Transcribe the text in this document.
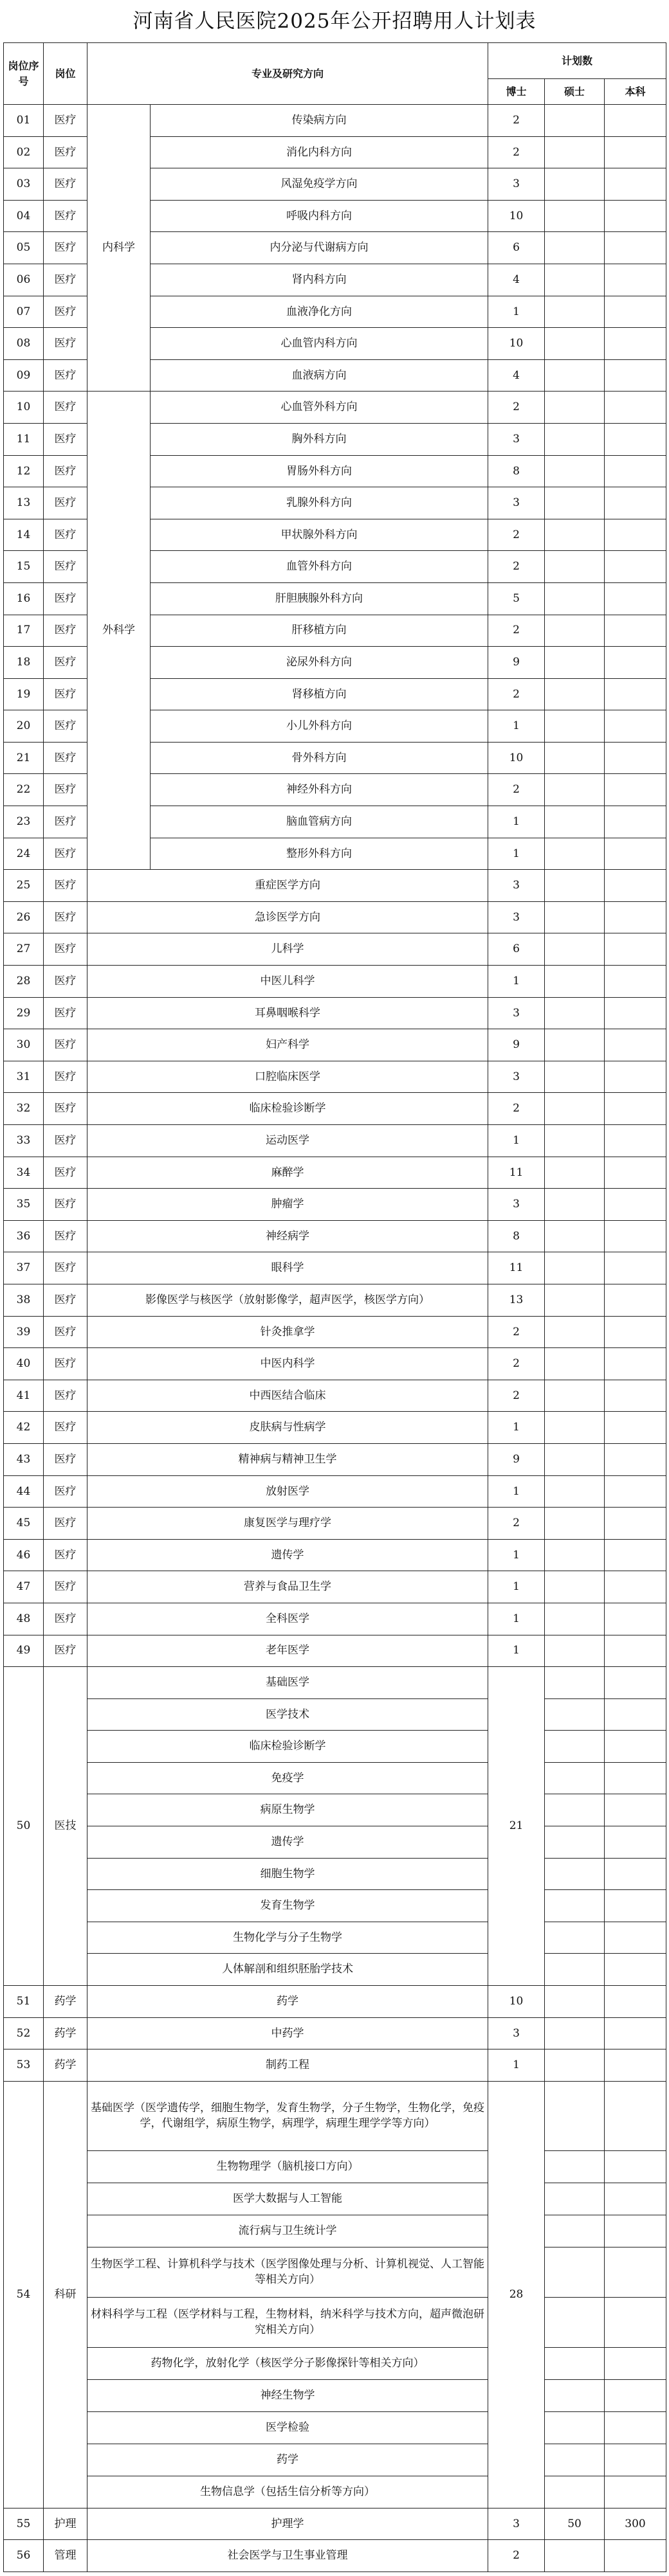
河南省人民医院2025年公开招聘用人计划表
岗位序号	岗位	专业及研究方向		计划数		
				博士	硕士	本科
01	医疗	内科学	传染病方向	2		
02	医疗		消化内科方向	2		
03	医疗		风湿免疫学方向	3		
04	医疗		呼吸内科方向	10		
05	医疗		内分泌与代谢病方向	6		
06	医疗		肾内科方向	4		
07	医疗		血液净化方向	1		
08	医疗		心血管内科方向	10		
09	医疗		血液病方向	4		
10	医疗	外科学	心血管外科方向	2		
11	医疗		胸外科方向	3		
12	医疗		胃肠外科方向	8		
13	医疗		乳腺外科方向	3		
14	医疗		甲状腺外科方向	2		
15	医疗		血管外科方向	2		
16	医疗		肝胆胰腺外科方向	5		
17	医疗		肝移植方向	2		
18	医疗		泌尿外科方向	9		
19	医疗		肾移植方向	2		
20	医疗		小儿外科方向	1		
21	医疗		骨外科方向	10		
22	医疗		神经外科方向	2		
23	医疗		脑血管病方向	1		
24	医疗		整形外科方向	1		
25	医疗	重症医学方向		3		
26	医疗	急诊医学方向		3		
27	医疗	儿科学		6		
28	医疗	中医儿科学		1		
29	医疗	耳鼻咽喉科学		3		
30	医疗	妇产科学		9		
31	医疗	口腔临床医学		3		
32	医疗	临床检验诊断学		2		
33	医疗	运动医学		1		
34	医疗	麻醉学		11		
35	医疗	肿瘤学		3		
36	医疗	神经病学		8		
37	医疗	眼科学		11		
38	医疗	影像医学与核医学（放射影像学，超声医学，核医学方向）		13		
39	医疗	针灸推拿学		2		
40	医疗	中医内科学		2		
41	医疗	中西医结合临床		2		
42	医疗	皮肤病与性病学		1		
43	医疗	精神病与精神卫生学		9		
44	医疗	放射医学		1		
45	医疗	康复医学与理疗学		2		
46	医疗	遗传学		1		
47	医疗	营养与食品卫生学		1		
48	医疗	全科医学		1		
49	医疗	老年医学		1		
50	医技	基础医学		21		
		医学技术				
		临床检验诊断学				
		免疫学				
		病原生物学				
		遗传学				
		细胞生物学				
		发育生物学				
		生物化学与分子生物学				
		人体解剖和组织胚胎学技术				
51	药学	药学		10		
52	药学	中药学		3		
53	药学	制药工程		1		
54	科研	基础医学（医学遗传学，细胞生物学，发育生物学，分子生物学，生物化学，免疫学，代谢组学，病原生物学，病理学，病理生理学学等方向）		28		
		生物物理学（脑机接口方向）				
		医学大数据与人工智能				
		流行病与卫生统计学				
		生物医学工程、计算机科学与技术（医学图像处理与分析、计算机视觉、人工智能等相关方向）				
		材料科学与工程（医学材料与工程，生物材料，纳米科学与技术方向，超声微泡研究相关方向）				
		药物化学，放射化学（核医学分子影像探针等相关方向）				
		神经生物学				
		医学检验				
		药学				
		生物信息学（包括生信分析等方向）				
55	护理	护理学		3	50	300
56	管理	社会医学与卫生事业管理		2		
